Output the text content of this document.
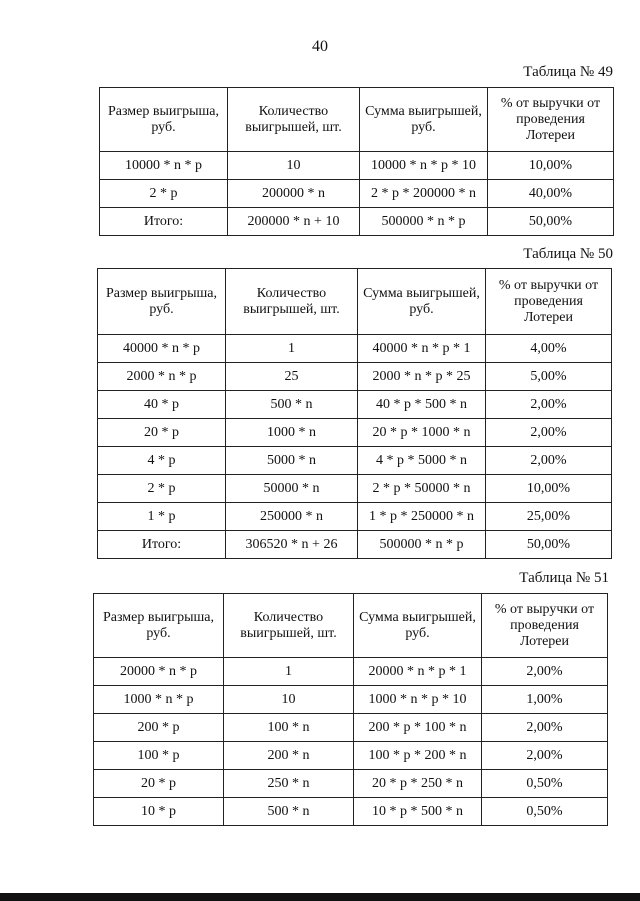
40
Таблица № 49
Размер выигрыша, руб.	Количество выигрышей, шт.	Сумма выигрышей, руб.	% от выручки от проведения Лотереи
10000 * n * p	10	10000 * n * p * 10	10,00%
2 * p	200000 * n	2 * p * 200000 * n	40,00%
Итого:	200000 * n + 10	500000 * n * p	50,00%
Таблица № 50
Размер выигрыша, руб.	Количество выигрышей, шт.	Сумма выигрышей, руб.	% от выручки от проведения Лотереи
40000 * n * p	1	40000 * n * p * 1	4,00%
2000 * n * p	25	2000 * n * p * 25	5,00%
40 * p	500 * n	40 * p * 500 * n	2,00%
20 * p	1000 * n	20 * p * 1000 * n	2,00%
4 * p	5000 * n	4 * p * 5000 * n	2,00%
2 * p	50000 * n	2 * p * 50000 * n	10,00%
1 * p	250000 * n	1 * p * 250000 * n	25,00%
Итого:	306520 * n + 26	500000 * n * p	50,00%
Таблица № 51
Размер выигрыша, руб.	Количество выигрышей, шт.	Сумма выигрышей, руб.	% от выручки от проведения Лотереи
20000 * n * p	1	20000 * n * p * 1	2,00%
1000 * n * p	10	1000 * n * p * 10	1,00%
200 * p	100 * n	200 * p * 100 * n	2,00%
100 * p	200 * n	100 * p * 200 * n	2,00%
20 * p	250 * n	20 * p * 250 * n	0,50%
10 * p	500 * n	10 * p * 500 * n	0,50%
